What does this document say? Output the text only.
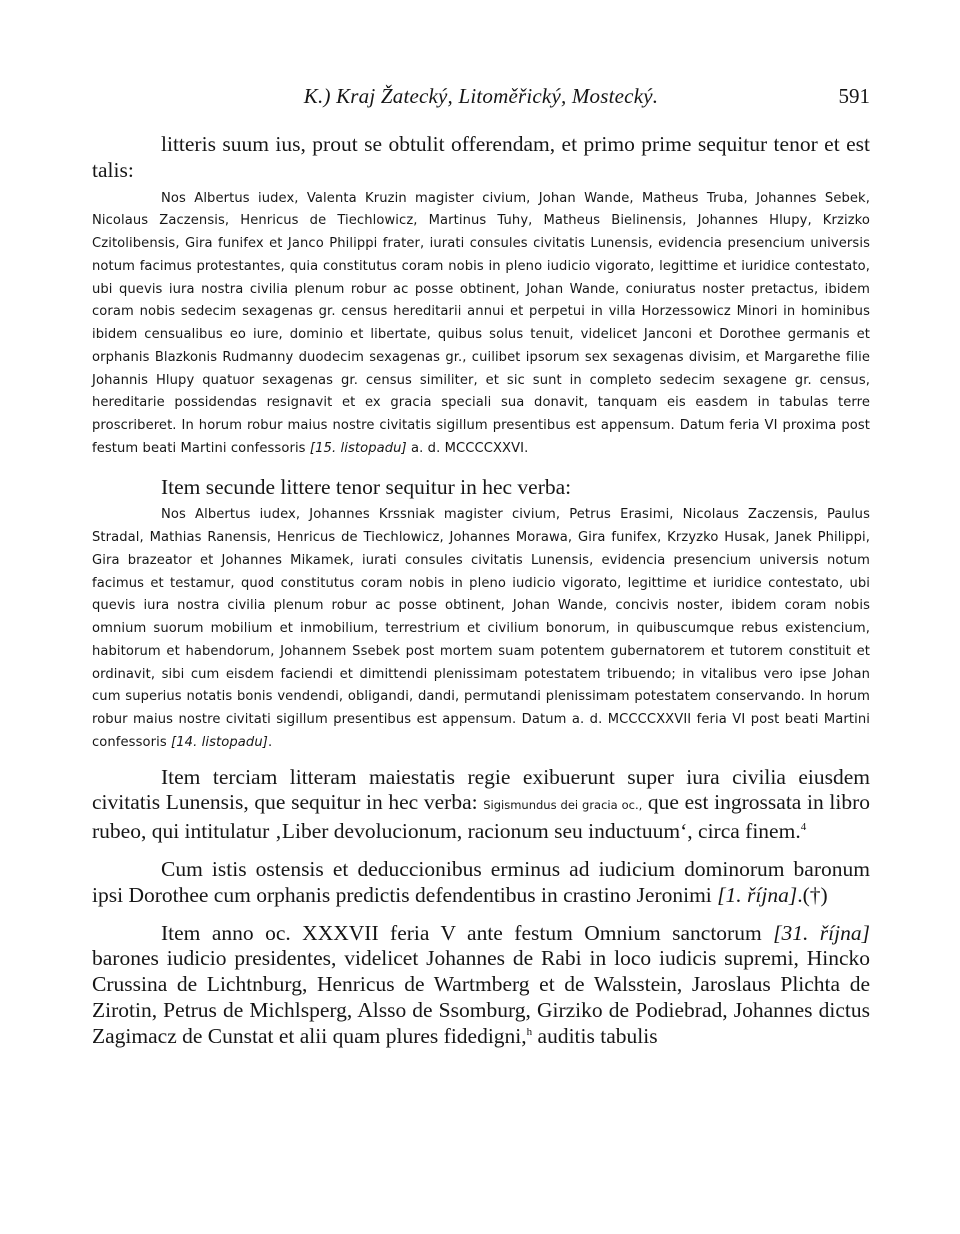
K.) Kraj Žatecký, Litoměřický, Mostecký.	591

litteris suum ius, prout se obtulit offerendam, et primo prime sequitur tenor et est talis:

Nos Albertus iudex, Valenta Kruzin magister civium, Johan Wande, Matheus Truba, Johannes Sebek, Nicolaus Zaczensis, Henricus de Tiechlowicz, Martinus Tuhy, Matheus Bielinensis, Johannes Hlupy, Krzizko Czitolibensis, Gira funifex et Janco Philippi frater, iurati consules civitatis Lunensis, evidencia presencium universis notum facimus protestantes, quia constitutus coram nobis in pleno iudicio vigorato, legittime et iuridice contestato, ubi quevis iura nostra civilia plenum robur ac posse obtinent, Johan Wande, coniuratus noster pretactus, ibidem coram nobis sedecim sexagenas gr. census hereditarii annui et perpetui in villa Horzessowicz Minori in hominibus ibidem censualibus eo iure, dominio et libertate, quibus solus tenuit, videlicet Janconi et Dorothee germanis et orphanis Blazkonis Rudmanny duodecim sexagenas gr., cuilibet ipsorum sex sexagenas divisim, et Margarethe filie Johannis Hlupy quatuor sexagenas gr. census similiter, et sic sunt in completo sedecim sexagene gr. census, hereditarie possidendas resignavit et ex gracia speciali sua donavit, tanquam eis easdem in tabulas terre proscriberet. In horum robur maius nostre civitatis sigillum presentibus est appensum. Datum feria VI proxima post festum beati Martini confessoris [15. listopadu] a. d. MCCCCXXVI.

Item secunde littere tenor sequitur in hec verba:

Nos Albertus iudex, Johannes Krssniak magister civium, Petrus Erasimi, Nicolaus Zaczensis, Paulus Stradal, Mathias Ranensis, Henricus de Tiechlowicz, Johannes Morawa, Gira funifex, Krzyzko Husak, Janek Philippi, Gira brazeator et Johannes Mikamek, iurati consules civitatis Lunensis, evidencia presencium universis notum facimus et testamur, quod constitutus coram nobis in pleno iudicio vigorato, legittime et iuridice contestato, ubi quevis iura nostra civilia plenum robur ac posse obtinent, Johan Wande, concivis noster, ibidem coram nobis omnium suorum mobilium et inmobilium, terrestrium et civilium bonorum, in quibuscumque rebus existencium, habitorum et habendorum, Johannem Ssebek post mortem suam potentem gubernatorem et tutorem constituit et ordinavit, sibi cum eisdem faciendi et dimittendi plenissimam potestatem tribuendo; in vitalibus vero ipse Johan cum superius notatis bonis vendendi, obligandi, dandi, permutandi plenissimam potestatem conservando. In horum robur maius nostre civitati sigillum presentibus est appensum. Datum a. d. MCCCCXXVII feria VI post beati Martini confessoris [14. listopadu].

Item terciam litteram maiestatis regie exibuerunt super iura civilia eiusdem civitatis Lunensis, que sequitur in hec verba: Sigismundus dei gracia oc., que est ingrossata in libro rubeo, qui intitulatur ‚Liber devolucionum, racionum seu inductuum‘, circa finem.$^4$

Cum istis ostensis et deduccionibus erminus ad iudicium dominorum baronum ipsi Dorothee cum orphanis predictis defendentibus in crastino Jeronimi [1. října].(†)

Item anno oc. XXXVII feria V ante festum Omnium sanctorum [31. října] barones iudicio presidentes, videlicet Johannes de Rabi in loco iudicis supremi, Hincko Crussina de Lichtnburg, Henricus de Wartmberg et de Walsstein, Jaroslaus Plichta de Zirotin, Petrus de Michlsperg, Alsso de Ssomburg, Girziko de Podiebrad, Johannes dictus Zagimacz de Cunstat et alii quam plures fidedigni,$^h$ auditis tabulis
